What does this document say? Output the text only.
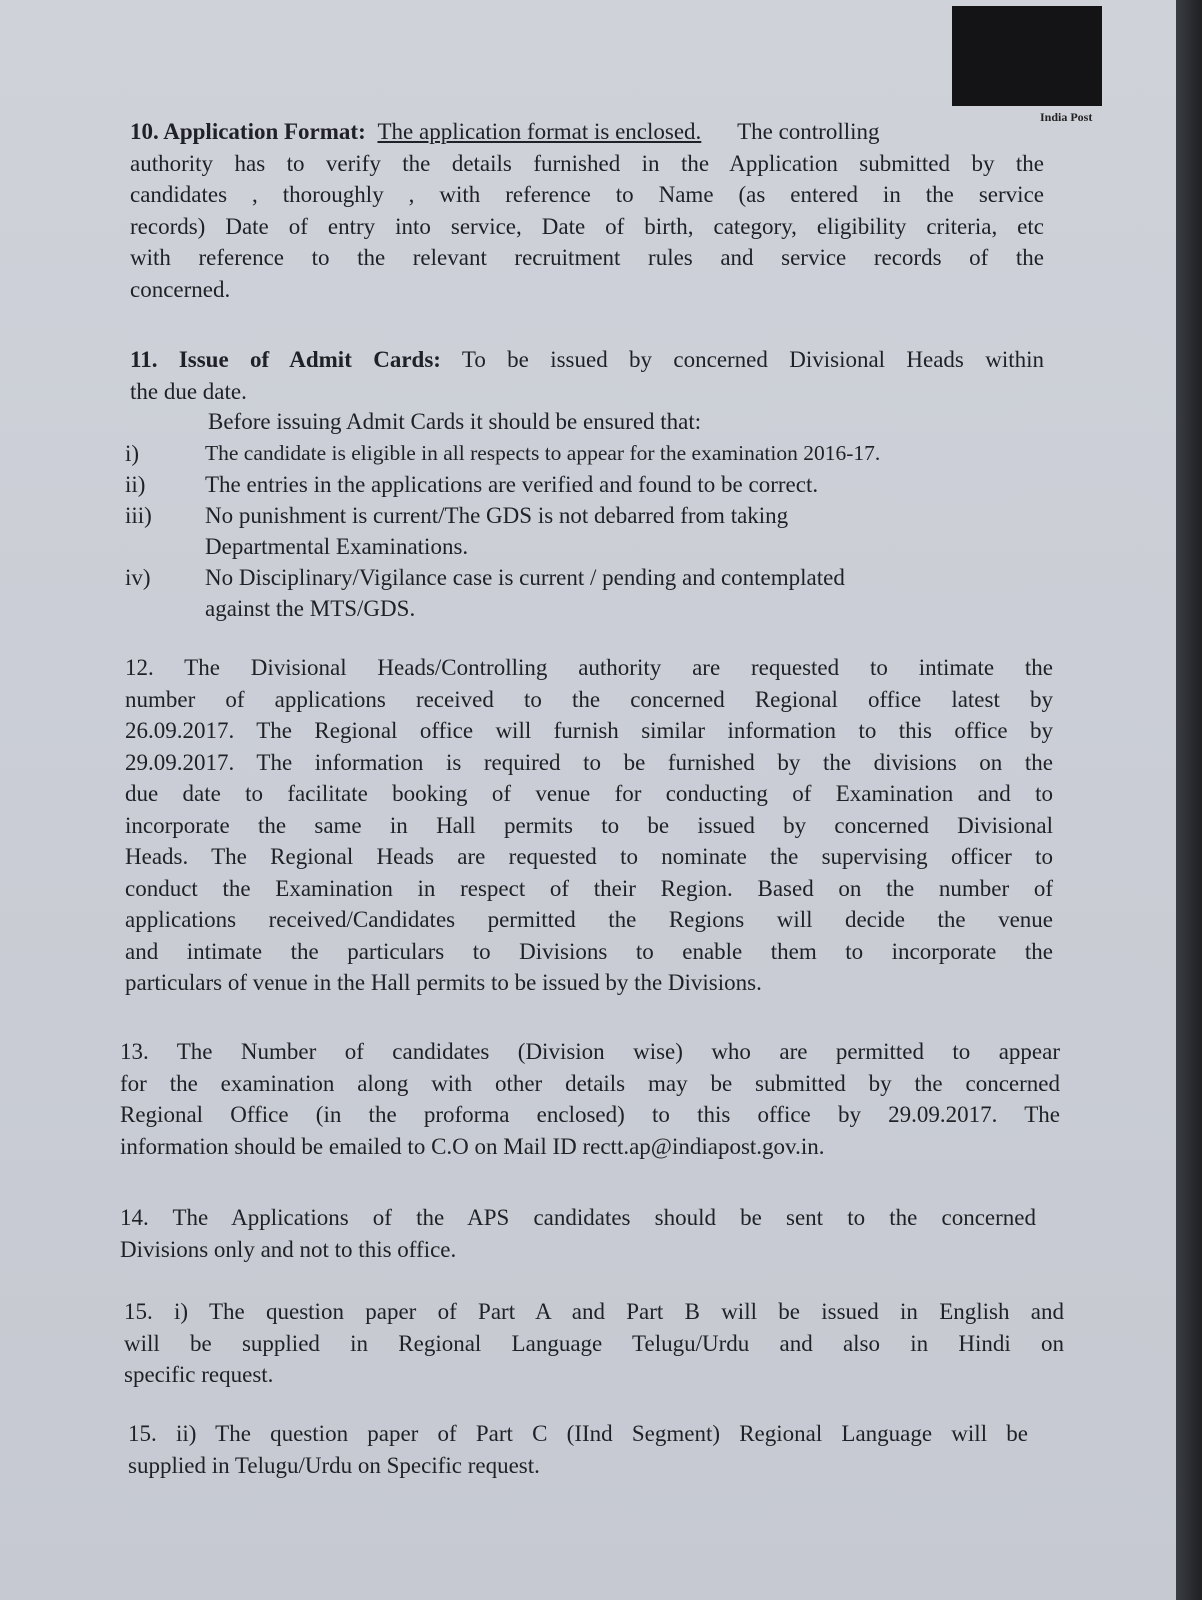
India Post
10. Application Format: The application format is enclosed. The controlling
authority has to verify the details furnished in the Application submitted by the
candidates , thoroughly , with reference to Name (as entered in the service
records) Date of entry into service, Date of birth, category, eligibility criteria, etc
with reference to the relevant recruitment rules and service records of the
concerned.
11. Issue of Admit Cards: To be issued by concerned Divisional Heads within
the due date.
Before issuing Admit Cards it should be ensured that:
i)	The candidate is eligible in all respects to appear for the examination 2016-17.
ii)	The entries in the applications are verified and found to be correct.
iii) No punishment is current/The GDS is not debarred from taking
Departmental Examinations.
iv) No Disciplinary/Vigilance case is current / pending and contemplated
against the MTS/GDS.
12. The Divisional Heads/Controlling authority are requested to intimate the
number of applications received to the concerned Regional office latest by
26.09.2017. The Regional office will furnish similar information to this office by
29.09.2017. The information is required to be furnished by the divisions on the
due date to facilitate booking of venue for conducting of Examination and to
incorporate the same in Hall permits to be issued by concerned Divisional
Heads. The Regional Heads are requested to nominate the supervising officer to
conduct the Examination in respect of their Region. Based on the number of
applications received/Candidates permitted the Regions will decide the venue
and intimate the particulars to Divisions to enable them to incorporate the
particulars of venue in the Hall permits to be issued by the Divisions.
13. The Number of candidates (Division wise) who are permitted to appear
for the examination along with other details may be submitted by the concerned
Regional Office (in the proforma enclosed) to this office by 29.09.2017. The
information should be emailed to C.O on Mail ID rectt.ap@indiapost.gov.in.
14. The Applications of the APS candidates should be sent to the concerned
Divisions only and not to this office.
15. i) The question paper of Part A and Part B will be issued in English and
will be supplied in Regional Language Telugu/Urdu and also in Hindi on
specific request.
15. ii) The question paper of Part C (IInd Segment) Regional Language will be
supplied in Telugu/Urdu on Specific request.
